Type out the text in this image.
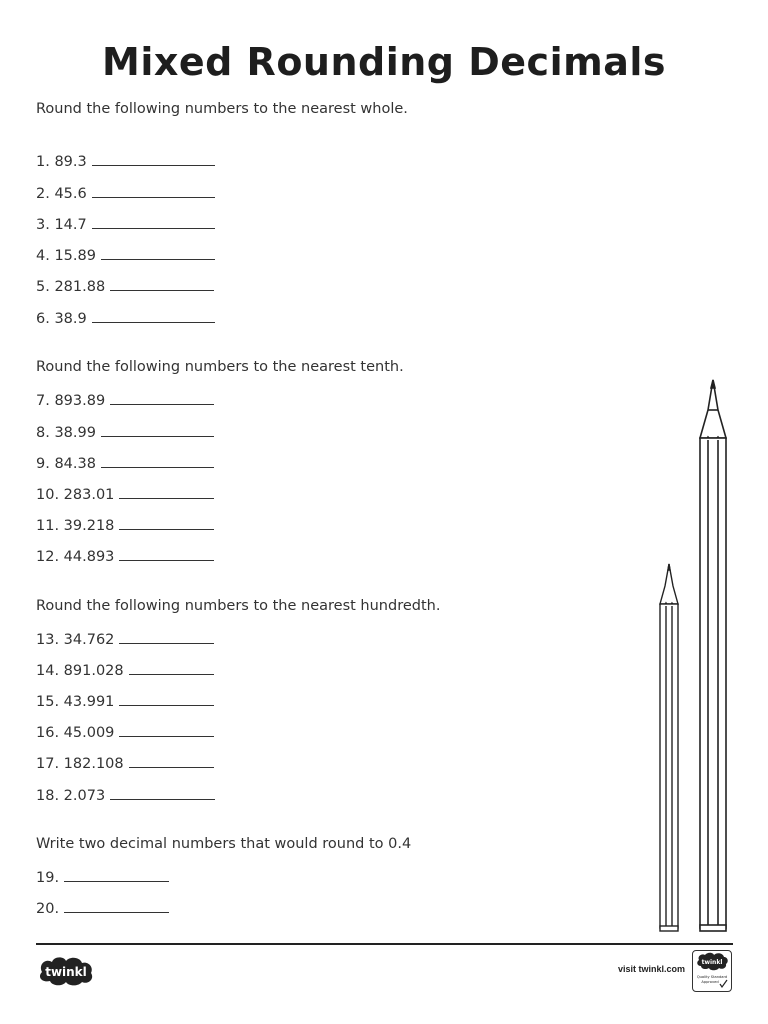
Mixed Rounding Decimals
Round the following numbers to the nearest whole.
1. 89.3
2. 45.6
3. 14.7
4. 15.89
5. 281.88
6. 38.9
Round the following numbers to the nearest tenth.
7. 893.89
8. 38.99
9. 84.38
10. 283.01
11. 39.218
12. 44.893
Round the following numbers to the nearest hundredth.
13. 34.762
14. 891.028
15. 43.991
16. 45.009
17. 182.108
18. 2.073
Write two decimal numbers that would round to 0.4
19.
20.
twinkl	visit twinkl.com
twinkl
Quality Standard
Approved
